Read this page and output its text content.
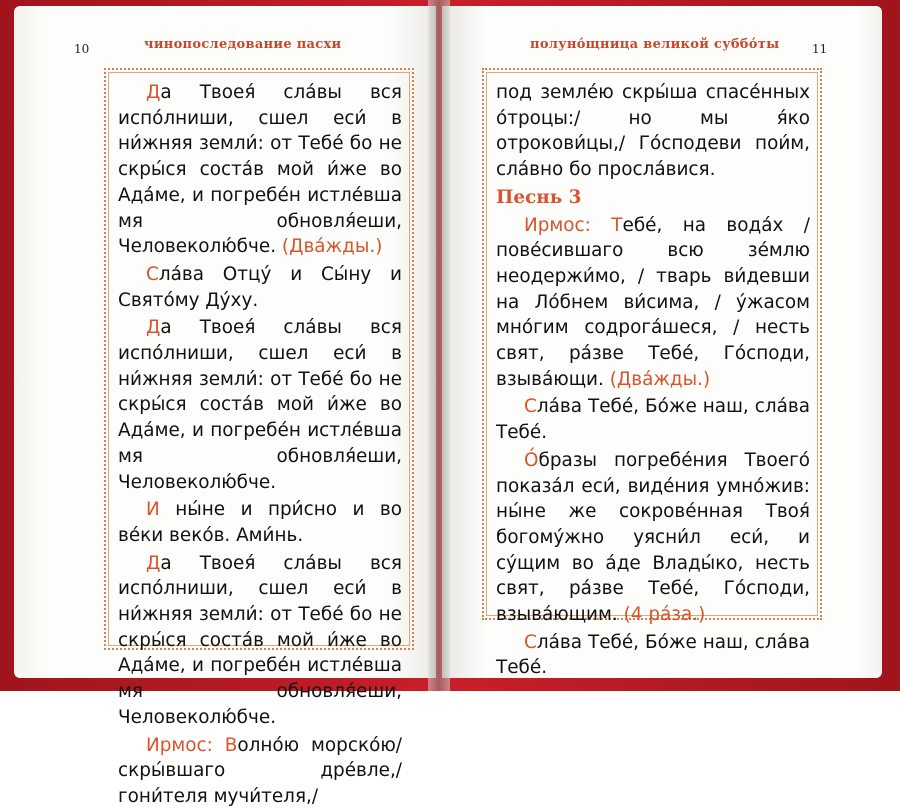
10	чинопоследование пасхи

Да Твоея́ сла́вы вся испо́лниши, сшел еси́ в ни́жняя земли́: от Тебе́ бо не скры́ся соста́в мой и́же во Ада́ме, и погребе́н истле́вша мя обновля́еши, Человеколю́бче. (Два́жды.)

Сла́ва Отцу́ и Сы́ну и Свято́му Ду́ху.

Да Твоея́ сла́вы вся испо́лниши, сшел еси́ в ни́жняя земли́: от Тебе́ бо не скры́ся соста́в мой и́же во Ада́ме, и погребе́н истле́вша мя обновля́еши, Человеколю́бче.

И ны́не и при́сно и во ве́ки веко́в. Ами́нь.

Да Твоея́ сла́вы вся испо́лниши, сшел еси́ в ни́жняя земли́: от Тебе́ бо не скры́ся соста́в мой и́же во Ада́ме, и погребе́н истле́вша мя обновля́еши, Человеколю́бче.

Ирмос: Волно́ю морско́ю/ скры́вшаго дре́вле,/ гони́теля мучи́теля,/

полуно́щница великой суббо́ты	11

под земле́ю скры́ша спасе́нных о́троцы:/ но мы я́ко отрокови́цы,/ Го́сподеви пои́м, сла́вно бо просла́вися.

Песнь 3

Ирмос: Тебе́, на вода́х / пове́сившаго всю зе́млю неодержи́мо, / тварь ви́девши на Ло́бнем ви́сима, / у́жасом мно́гим содрога́шеся, / несть свят, ра́зве Тебе́, Го́споди, взыва́ющи. (Два́жды.)

Сла́ва Тебе́, Бо́же наш, сла́ва Тебе́.

О́бразы погребе́ния Твоего́ показа́л еси́, виде́ния умно́жив: ны́не же сокрове́нная Твоя́ богому́жно уясни́л еси́, и су́щим во а́де Влады́ко, несть свят, ра́зве Тебе́, Го́споди, взыва́ющим. (4 ра́за.)

Сла́ва Тебе́, Бо́же наш, сла́ва Тебе́.
